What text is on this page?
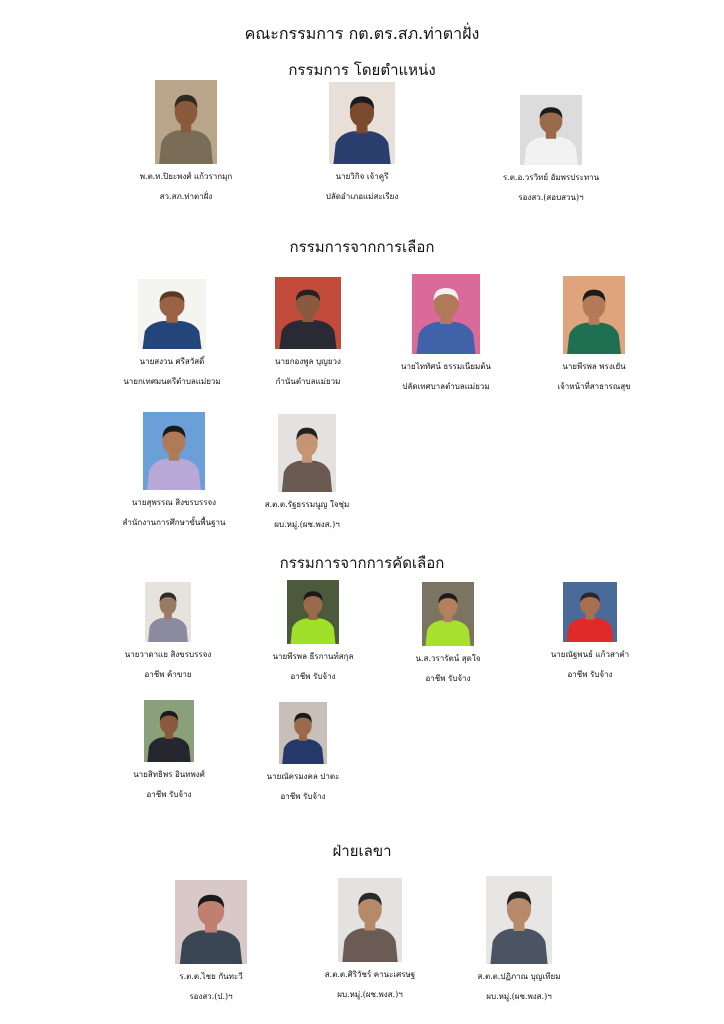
คณะกรรมการ กต.ตร.สภ.ท่าตาฝั่ง
กรรมการ โดยตำแหน่ง
กรรมการจากการเลือก
กรรมการจากการคัดเลือก
ฝ่ายเลขา
พ.ต.ท.ปิยะพงศ์ แก้วรากมุก
สว.สภ.ท่าตาฝั่ง
นายวิกิจ เจ้าคูรึ
ปลัดอำเภอแม่สะเรียง
ร.ต.อ.วรวิทย์ อัมพรประทาน
รองสว.(สอบสวน)ฯ
นายสงวน ศรีสวัสดิ์
นายกเทศมนตรีตำบลแม่ยวม
นายกองพูล บุญยวง
กำนันตำบลแม่ยวม
นายไททัศน์ ธรรมเนียมต้น
ปลัดเทศบาลตำบลแม่ยวม
นายพีรพล พรงเยัน
เจ้าหน้าที่สาธารณสุข
นายสุพรรณ สิงขรบรรจง
สำนักงานการศึกษาขั้นพื้นฐาน
ส.ต.ต.รัฐธรรมนูญ ใจชุ่ม
ผบ.หมู่.(ผช.พงส.)ฯ
นายวาดาแย สิงขรบรรจง
อาชีพ ค้าขาย
นายพีรพล ธีรกานท์สกุล
อาชีพ รับจ้าง
น.ส.วรารัตน์ สุดใจ
อาชีพ รับจ้าง
นายณัฐพนธ์ แก้วสาคำ
อาชีพ รับจ้าง
นายสิทธิพร อินทพงศ์
อาชีพ รับจ้าง
นายณัครมงคล ปาตะ
อาชีพ รับจ้าง
ร.ต.ต.ไชย กันทะวี
รองสว.(ป.)ฯ
ส.ต.ต.ศิริวัชร์ คานะเศรษฐ
ผบ.หมู่.(ผช.พงส.)ฯ
ส.ต.ต.ปฏิภาณ บุญเทียม
ผบ.หมู่.(ผช.พงส.)ฯ
